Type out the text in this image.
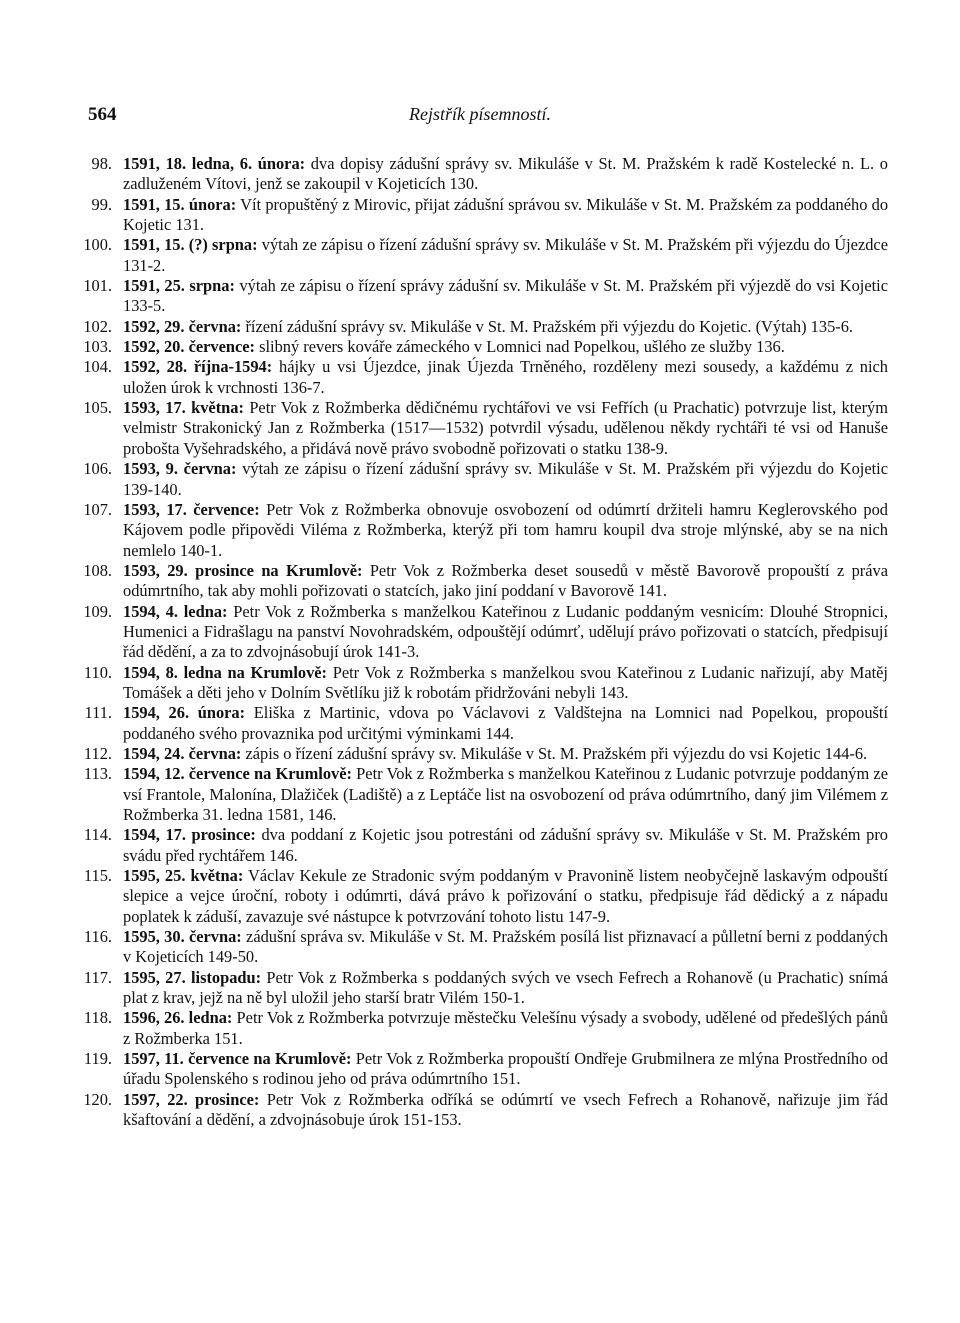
564	Rejstřík písemností.
98. 1591, 18. ledna, 6. února: dva dopisy zádušní správy sv. Mikuláše v St. M. Pražském k radě Kostelecké n. L. o zadluženém Vítovi, jenž se zakoupil v Kojeticích 130.
99. 1591, 15. února: Vít propuštěný z Mirovic, přijat zádušní správou sv. Mikuláše v St. M. Pražském za poddaného do Kojetic 131.
100. 1591, 15. (?) srpna: výtah ze zápisu o řízení zádušní správy sv. Mikuláše v St. M. Pražském při výjezdu do Újezdce 131-2.
101. 1591, 25. srpna: výtah ze zápisu o řízení správy zádušní sv. Mikuláše v St. M. Pražském při výjezdě do vsi Kojetic 133-5.
102. 1592, 29. června: řízení zádušní správy sv. Mikuláše v St. M. Pražském při výjezdu do Kojetic. (Výtah) 135-6.
103. 1592, 20. července: slibný revers kováře zámeckého v Lomnici nad Popelkou, ušlého ze služby 136.
104. 1592, 28. října-1594: hájky u vsi Újezdce, jinak Újezda Trněného, rozděleny mezi sousedy, a každému z nich uložen úrok k vrchnosti 136-7.
105. 1593, 17. května: Petr Vok z Rožmberka dědičnému rychtářovi ve vsi Fefřích (u Prachatic) potvrzuje list, kterým velmistr Strakonický Jan z Rožmberka (1517—1532) potvrdil výsadu, udělenou někdy rychtáři té vsi od Hanuše probošta Vyšehradského, a přidává nově právo svobodně pořizovati o statku 138-9.
106. 1593, 9. června: výtah ze zápisu o řízení zádušní správy sv. Mikuláše v St. M. Pražském při výjezdu do Kojetic 139-140.
107. 1593, 17. července: Petr Vok z Rožmberka obnovuje osvobození od odúmrtí držiteli hamru Keglerovského pod Kájovem podle připovědi Viléma z Rožmberka, kterýž při tom hamru koupil dva stroje mlýnské, aby se na nich nemlelo 140-1.
108. 1593, 29. prosince na Krumlově: Petr Vok z Rožmberka deset sousedů v městě Bavorově propouští z práva odúmrtního, tak aby mohli pořizovati o statcích, jako jiní poddaní v Bavorově 141.
109. 1594, 4. ledna: Petr Vok z Rožmberka s manželkou Kateřinou z Ludanic poddaným vesnicím: Dlouhé Stropnici, Humenici a Fidrašlagu na panství Novohradském, odpouštějí odúmrť, udělují právo pořizovati o statcích, předpisují řád dědění, a za to zdvojnásobují úrok 141-3.
110. 1594, 8. ledna na Krumlově: Petr Vok z Rožmberka s manželkou svou Kateřinou z Ludanic nařizují, aby Matěj Tomášek a děti jeho v Dolním Světlíku již k robotám přidržováni nebyli 143.
111. 1594, 26. února: Eliška z Martinic, vdova po Václavovi z Valdštejna na Lomnici nad Popelkou, propouští poddaného svého provaznika pod určitými výminkami 144.
112. 1594, 24. června: zápis o řízení zádušní správy sv. Mikuláše v St. M. Pražském při výjezdu do vsi Kojetic 144-6.
113. 1594, 12. července na Krumlově: Petr Vok z Rožmberka s manželkou Kateřinou z Ludanic potvrzuje poddaným ze vsí Frantole, Malonína, Dlažiček (Ladiště) a z Leptáče list na osvobození od práva odúmrtního, daný jim Vilémem z Rožmberka 31. ledna 1581, 146.
114. 1594, 17. prosince: dva poddaní z Kojetic jsou potrestáni od zádušní správy sv. Mikuláše v St. M. Pražském pro svádu před rychtářem 146.
115. 1595, 25. května: Václav Kekule ze Stradonic svým poddaným v Pravonině listem neobyčejně laskavým odpouští slepice a vejce úroční, roboty i odúmrti, dává právo k pořizování o statku, předpisuje řád dědický a z nápadu poplatek k záduší, zavazuje své nástupce k potvrzování tohoto listu 147-9.
116. 1595, 30. června: zádušní správa sv. Mikuláše v St. M. Pražském posílá list přiznavací a půlletní berni z poddaných v Kojeticích 149-50.
117. 1595, 27. listopadu: Petr Vok z Rožmberka s poddaných svých ve vsech Fefrech a Rohanově (u Prachatic) snímá plat z krav, jejž na ně byl uložil jeho starší bratr Vilém 150-1.
118. 1596, 26. ledna: Petr Vok z Rožmberka potvrzuje městečku Velešínu výsady a svobody, udělené od předešlých pánů z Rožmberka 151.
119. 1597, 11. července na Krumlově: Petr Vok z Rožmberka propouští Ondřeje Grubmilnera ze mlýna Prostředního od úřadu Spolenského s rodinou jeho od práva odúmrtního 151.
120. 1597, 22. prosince: Petr Vok z Rožmberka odříká se odúmrtí ve vsech Fefrech a Rohanově, nařizuje jim řád kšaftování a dědění, a zdvojnásobuje úrok 151-153.
